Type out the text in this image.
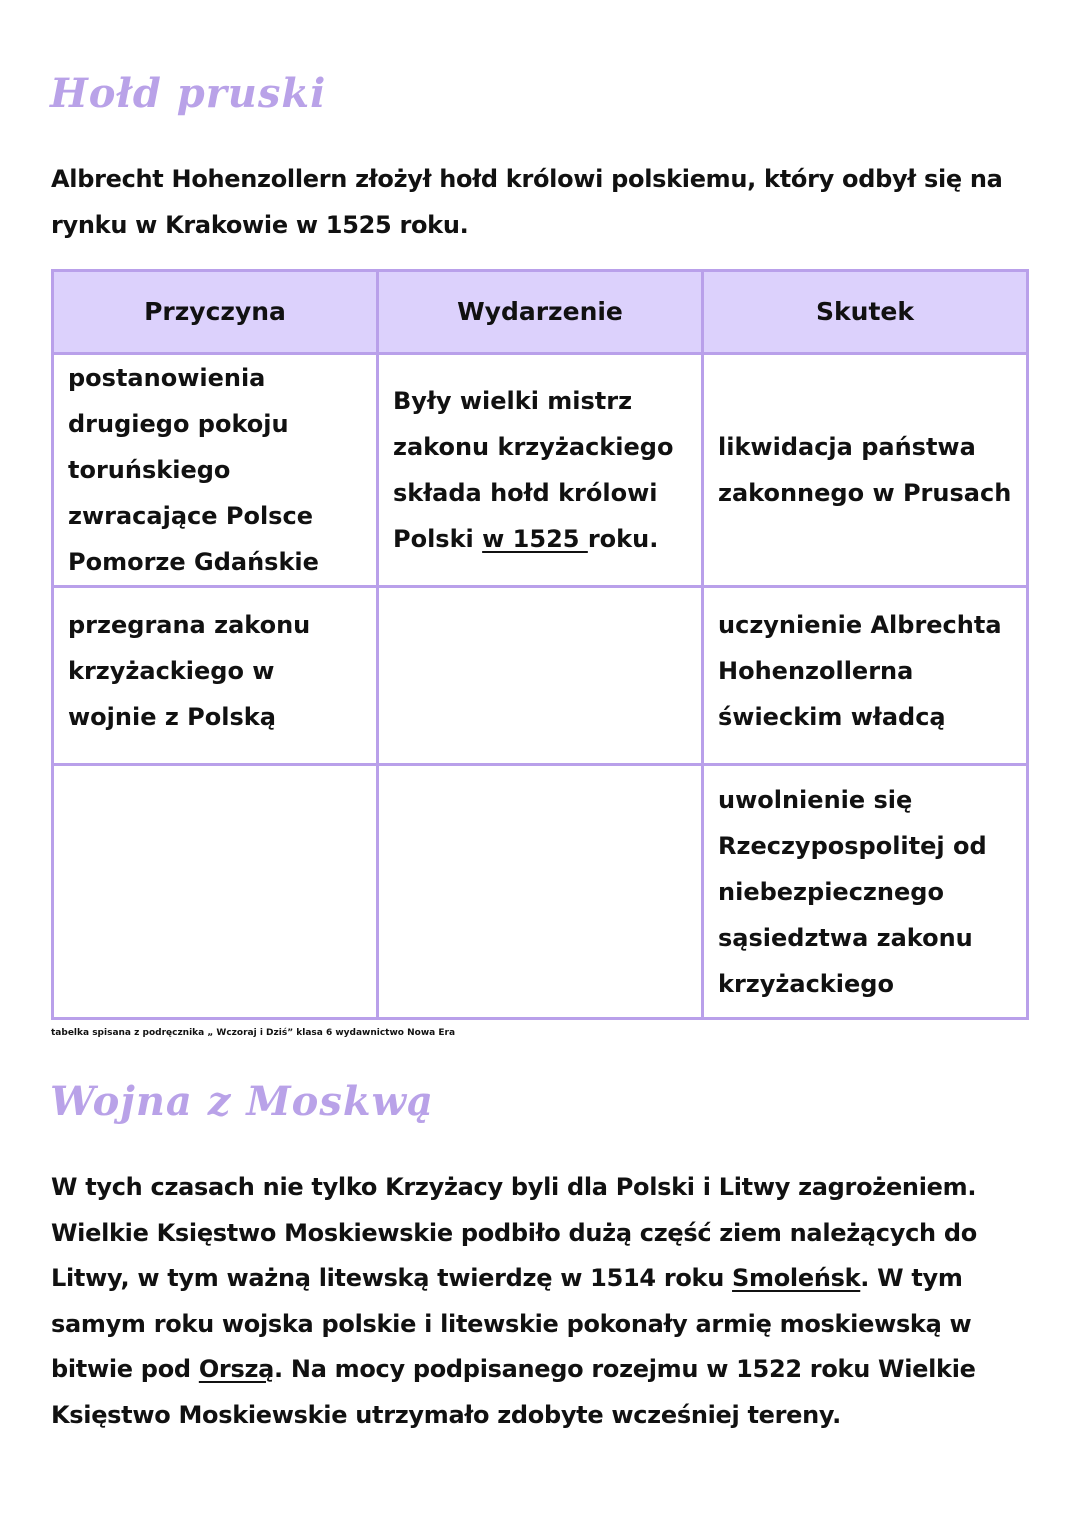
Hołd pruski
Albrecht Hohenzollern złożył hołd królowi polskiemu, który odbył się na rynku w Krakowie w 1525 roku.
Przyczyna	Wydarzenie	Skutek
postanowienia drugiego pokoju toruńskiego zwracające Polsce Pomorze Gdańskie	Były wielki mistrz zakonu krzyżackiego składa hołd królowi Polski w 1525 roku.	likwidacja państwa zakonnego w Prusach
przegrana zakonu krzyżackiego w wojnie z Polską		uczynienie Albrechta Hohenzollerna świeckim władcą
		uwolnienie się Rzeczypospolitej od niebezpiecznego sąsiedztwa zakonu krzyżackiego
tabelka spisana z podręcznika „ Wczoraj i Dziś” klasa 6 wydawnictwo Nowa Era
Wojna z Moskwą
W tych czasach nie tylko Krzyżacy byli dla Polski i Litwy zagrożeniem. Wielkie Księstwo Moskiewskie podbiło dużą część ziem należących do Litwy, w tym ważną litewską twierdzę w 1514 roku Smoleńsk. W tym samym roku wojska polskie i litewskie pokonały armię moskiewską w bitwie pod Orszą. Na mocy podpisanego rozejmu w 1522 roku Wielkie Księstwo Moskiewskie utrzymało zdobyte wcześniej tereny.
